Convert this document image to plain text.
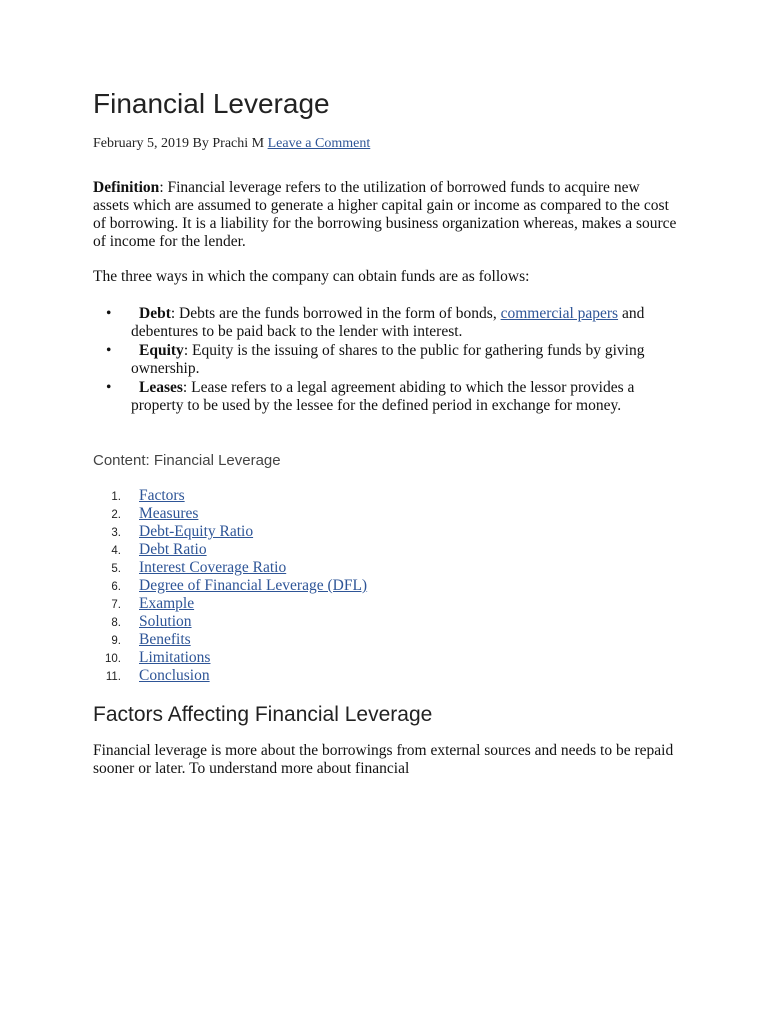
Financial Leverage
February 5, 2019 By Prachi M Leave a Comment

Definition: Financial leverage refers to the utilization of borrowed funds to acquire new assets which are assumed to generate a higher capital gain or income as compared to the cost of borrowing. It is a liability for the borrowing business organization whereas, makes a source of income for the lender.

The three ways in which the company can obtain funds are as follows:

• Debt: Debts are the funds borrowed in the form of bonds, commercial papers and debentures to be paid back to the lender with interest.
• Equity: Equity is the issuing of shares to the public for gathering funds by giving ownership.
• Leases: Lease refers to a legal agreement abiding to which the lessor provides a property to be used by the lessee for the defined period in exchange for money.
Content: Financial Leverage
1. Factors
2. Measures
3. Debt-Equity Ratio
4. Debt Ratio
5. Interest Coverage Ratio
6. Degree of Financial Leverage (DFL)
7. Example
8. Solution
9. Benefits
10. Limitations
11. Conclusion
Factors Affecting Financial Leverage

Financial leverage is more about the borrowings from external sources and needs to be repaid sooner or later. To understand more about financial
